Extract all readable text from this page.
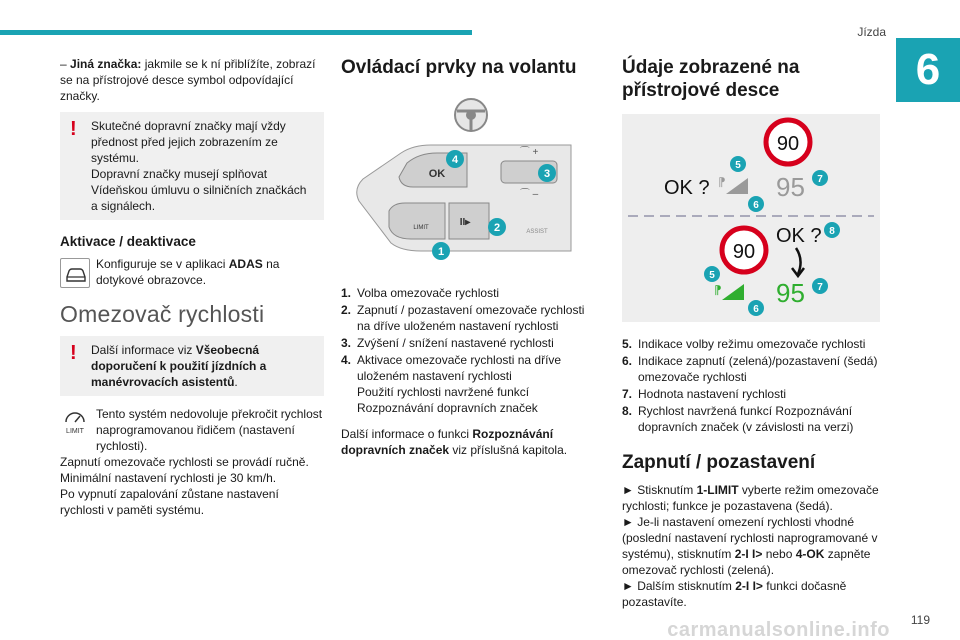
Jízda
6

– Jiná značka: jakmile se k ní přiblížíte, zobrazí se na přístrojové desce symbol odpovídající značky.

! Skutečné dopravní značky mají vždy přednost před jejich zobrazením ze systému.

Dopravní značky musejí splňovat Vídeňskou úmluvu o silničních značkách a signálech.

Aktivace / deaktivace
Konfiguruje se v aplikaci ADAS na dotykové obrazovce.
Omezovač rychlosti
! Další informace viz Všeobecná doporučení k použití jízdních a manévrovacích asistentů.

LIMIT

Tento systém nedovoluje překročit rychlost naprogramovanou řidičem (nastavení rychlosti).

Zapnutí omezovače rychlosti se provádí ručně.

Minimální nastavení rychlosti je 30 km/h.

Po vypnutí zapalování zůstane nastavení rychlosti v paměti systému.

Ovládací prvky na volantu
OK
⌒ +
⌒ –
LIMIT	II▸
ASSIST
1
2
3
4
1. Volba omezovače rychlosti
2. Zapnutí / pozastavení omezovače rychlosti na dříve uloženém nastavení rychlosti
3. Zvýšení / snížení nastavené rychlosti
4. Aktivace omezovače rychlosti na dříve uloženém nastavení rychlosti
Použití rychlosti navržené funkcí Rozpoznávání dopravních značek

Další informace o funkci Rozpoznávání dopravních značek viz příslušná kapitola.

Údaje zobrazené na přístrojové desce
90
OK ? ⁋ 95
5
6
7
90
OK ?
⁋ 95
5
6
7
8
5. Indikace volby režimu omezovače rychlosti
6. Indikace zapnutí (zelená)/pozastavení (šedá) omezovače rychlosti
7. Hodnota nastavení rychlosti
8. Rychlost navržená funkcí Rozpoznávání dopravních značek (v závislosti na verzi)
Zapnutí / pozastavení

► Stisknutím 1-LIMIT vyberte režim omezovače rychlosti; funkce je pozastavena (šedá).

► Je-li nastavení omezení rychlosti vhodné (poslední nastavení rychlosti naprogramované v systému), stisknutím 2-I I> nebo 4-OK zapněte omezovač rychlosti (zelená).

► Dalším stisknutím 2-I I> funkci dočasně pozastavíte.

carmanualsonline.info 119
